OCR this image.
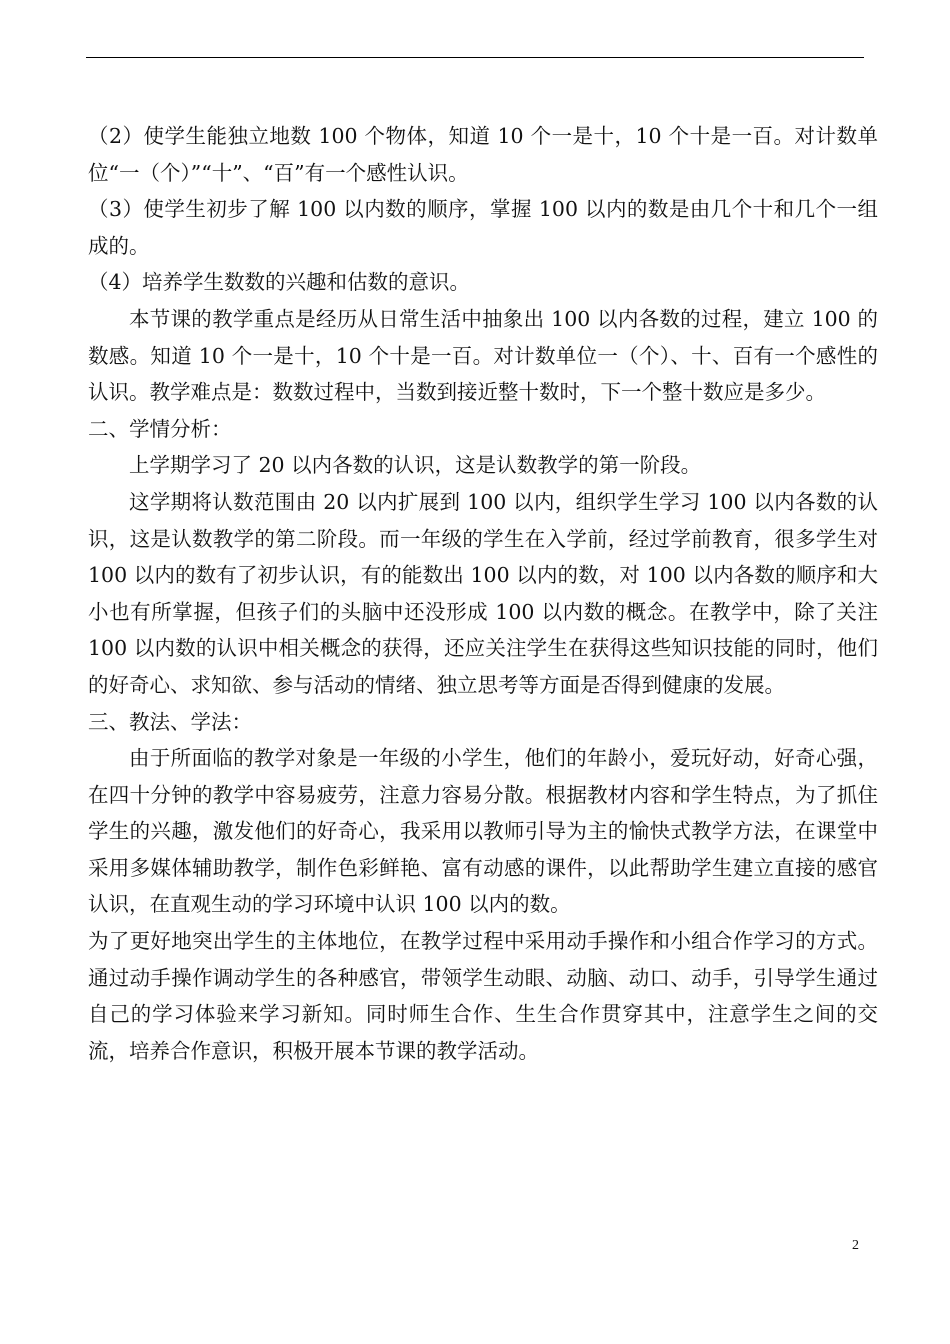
（2）使学生能独立地数 100 个物体，知道 10 个一是十，10 个十是一百。对计数单位“一（个）”“十”、“百”有一个感性认识。

（3）使学生初步了解 100 以内数的顺序，掌握 100 以内的数是由几个十和几个一组成的。

（4）培养学生数数的兴趣和估数的意识。

本节课的教学重点是经历从日常生活中抽象出 100 以内各数的过程，建立 100 的数感。知道 10 个一是十，10 个十是一百。对计数单位一（个）、十、百有一个感性的认识。教学难点是：数数过程中，当数到接近整十数时，下一个整十数应是多少。

二、学情分析：

上学期学习了 20 以内各数的认识，这是认数教学的第一阶段。

这学期将认数范围由 20 以内扩展到 100 以内，组织学生学习 100 以内各数的认识，这是认数教学的第二阶段。而一年级的学生在入学前，经过学前教育，很多学生对 100 以内的数有了初步认识，有的能数出 100 以内的数，对 100 以内各数的顺序和大小也有所掌握，但孩子们的头脑中还没形成 100 以内数的概念。在教学中，除了关注 100 以内数的认识中相关概念的获得，还应关注学生在获得这些知识技能的同时，他们的好奇心、求知欲、参与活动的情绪、独立思考等方面是否得到健康的发展。

三、教法、学法：

由于所面临的教学对象是一年级的小学生，他们的年龄小，爱玩好动，好奇心强，在四十分钟的教学中容易疲劳，注意力容易分散。根据教材内容和学生特点，为了抓住学生的兴趣，激发他们的好奇心，我采用以教师引导为主的愉快式教学方法，在课堂中采用多媒体辅助教学，制作色彩鲜艳、富有动感的课件，以此帮助学生建立直接的感官认识，在直观生动的学习环境中认识 100 以内的数。

为了更好地突出学生的主体地位，在教学过程中采用动手操作和小组合作学习的方式。通过动手操作调动学生的各种感官，带领学生动眼、动脑、动口、动手，引导学生通过自己的学习体验来学习新知。同时师生合作、生生合作贯穿其中，注意学生之间的交流，培养合作意识，积极开展本节课的教学活动。

2
